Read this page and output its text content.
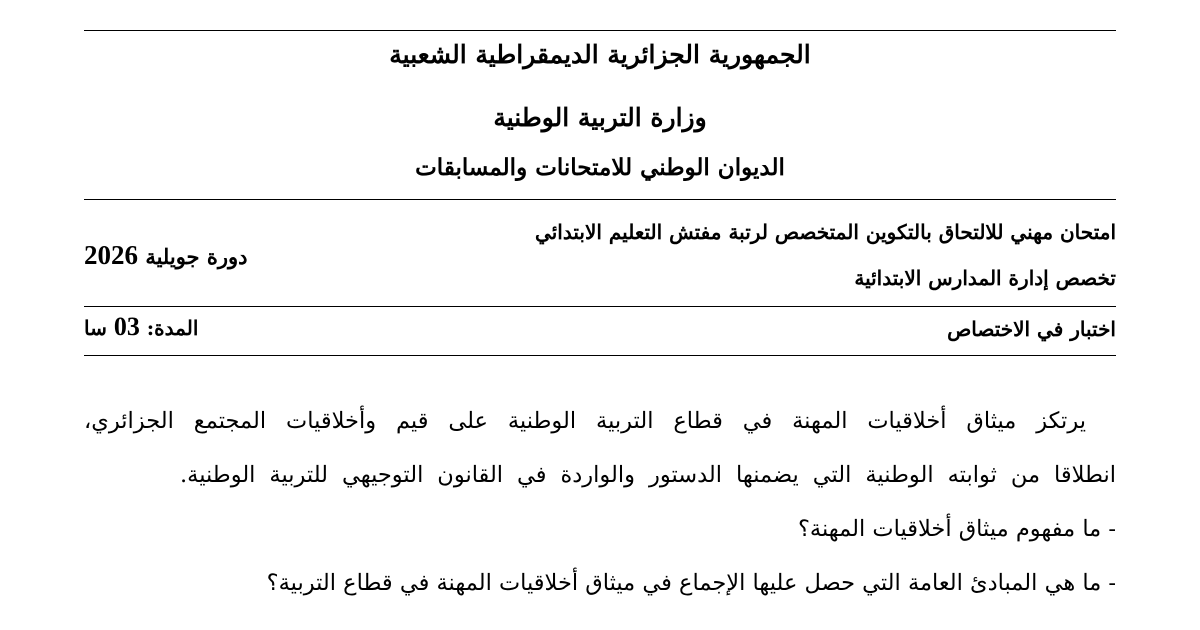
الجمهورية الجزائرية الديمقراطية الشعبية
وزارة التربية الوطنية
الديوان الوطني للامتحانات والمسابقات
امتحان مهني للالتحاق بالتكوين المتخصص لرتبة مفتش التعليم الابتدائي
دورة جويلية 2026
تخصص إدارة المدارس الابتدائية
اختبار في الاختصاص
المدة: 03 سا
يرتكز ميثاق أخلاقيات المهنة في قطاع التربية الوطنية على قيم وأخلاقيات المجتمع الجزائري،
انطلاقا من ثوابته الوطنية التي يضمنها الدستور والواردة في القانون التوجيهي للتربية الوطنية.
- ما مفهوم ميثاق أخلاقيات المهنة؟
- ما هي المبادئ العامة التي حصل عليها الإجماع في ميثاق أخلاقيات المهنة في قطاع التربية؟
